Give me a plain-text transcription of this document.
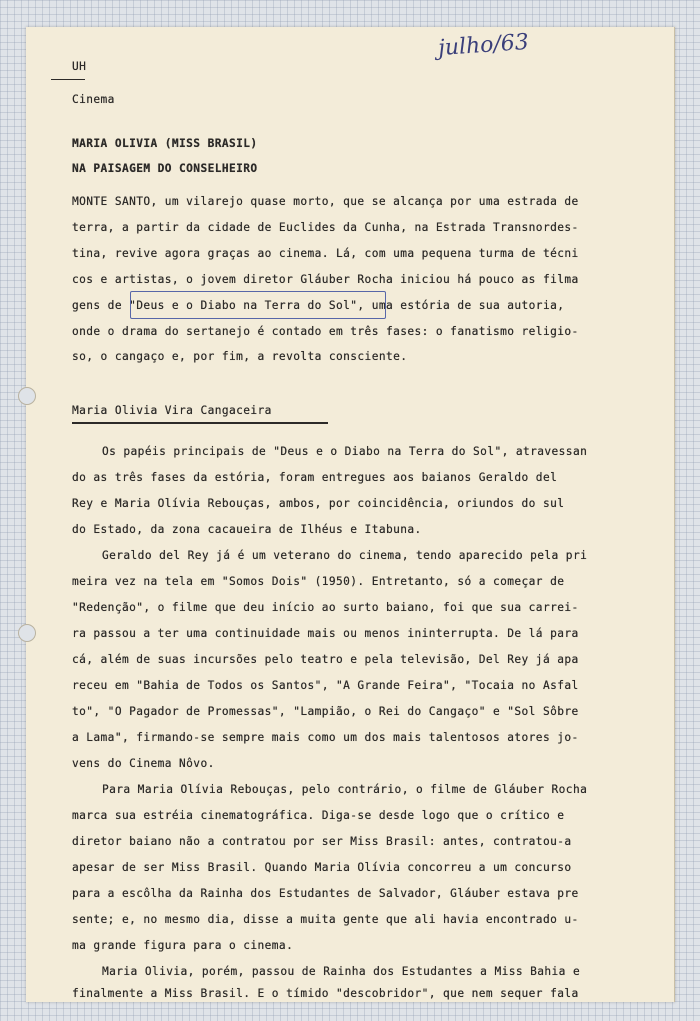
julho/63
UH
Cinema
MARIA OLIVIA (MISS BRASIL)
NA PAISAGEM DO CONSELHEIRO
MONTE SANTO, um vilarejo quase morto, que se alcança por uma estrada de
terra, a partir da cidade de Euclides da Cunha, na Estrada Transnordes-
tina, revive agora graças ao cinema. Lá, com uma pequena turma de técni
cos e artistas, o jovem diretor Gláuber Rocha iniciou há pouco as filma
gens de "Deus e o Diabo na Terra do Sol", uma estória de sua autoria,
onde o drama do sertanejo é contado em três fases: o fanatismo religio-
so, o cangaço e, por fim, a revolta consciente.
Maria Olivia Vira Cangaceira
Os papéis principais de "Deus e o Diabo na Terra do Sol", atravessan
do as três fases da estória, foram entregues aos baianos Geraldo del
Rey e Maria Olívia Rebouças, ambos, por coincidência, oriundos do sul
do Estado, da zona cacaueira de Ilhéus e Itabuna.
Geraldo del Rey já é um veterano do cinema, tendo aparecido pela pri
meira vez na tela em "Somos Dois" (1950). Entretanto, só a começar de
"Redenção", o filme que deu início ao surto baiano, foi que sua carrei-
ra passou a ter uma continuidade mais ou menos ininterrupta. De lá para
cá, além de suas incursões pelo teatro e pela televisão, Del Rey já apa
receu em "Bahia de Todos os Santos", "A Grande Feira", "Tocaia no Asfal
to", "O Pagador de Promessas", "Lampião, o Rei do Cangaço" e "Sol Sôbre
a Lama", firmando-se sempre mais como um dos mais talentosos atores jo-
vens do Cinema Nôvo.
Para Maria Olívia Rebouças, pelo contrário, o filme de Gláuber Rocha
marca sua estréia cinematográfica. Diga-se desde logo que o crítico e
diretor baiano não a contratou por ser Miss Brasil: antes, contratou-a
apesar de ser Miss Brasil. Quando Maria Olívia concorreu a um concurso
para a escôlha da Rainha dos Estudantes de Salvador, Gláuber estava pre
sente; e, no mesmo dia, disse a muita gente que ali havia encontrado u-
ma grande figura para o cinema.
Maria Olivia, porém, passou de Rainha dos Estudantes a Miss Bahia e
finalmente a Miss Brasil. E o tímido "descobridor", que nem sequer fala
